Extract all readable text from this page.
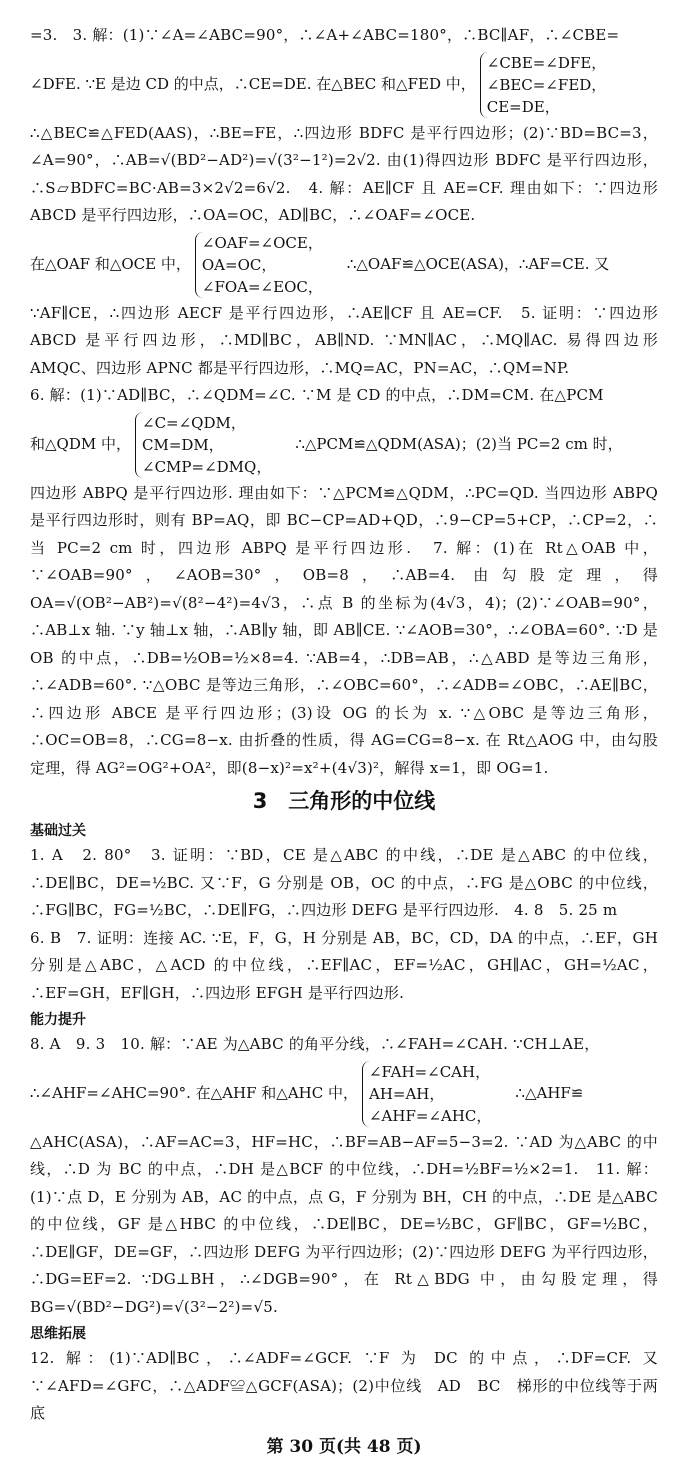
=3.　3. 解：(1)∵∠A=∠ABC=90°，∴∠A+∠ABC=180°，∴BC∥AF，∴∠CBE=

∠DFE. ∵E 是边 CD 的中点，∴CE=DE. 在△BEC 和△FED 中，
∠CBE=∠DFE，
∠BEC=∠FED，
CE=DE，

∴△BEC≌△FED(AAS)，∴BE=FE，∴四边形 BDFC 是平行四边形；(2)∵BD=BC=3，∠A=90°，∴AB=√(BD²−AD²)=√(3²−1²)=2√2. 由(1)得四边形 BDFC 是平行四边形，∴S▱BDFC=BC·AB=3×2√2=6√2.　4. 解：AE∥CF 且 AE=CF. 理由如下：∵四边形 ABCD 是平行四边形，∴OA=OC，AD∥BC，∴∠OAF=∠OCE.

在△OAF 和△OCE 中，
∠OAF=∠OCE，
OA=OC，
∠FOA=∠EOC，
∴△OAF≌△OCE(ASA)，∴AF=CE. 又

∵AF∥CE，∴四边形 AECF 是平行四边形，∴AE∥CF 且 AE=CF.　5. 证明：∵四边形 ABCD 是平行四边形，∴MD∥BC，AB∥ND. ∵MN∥AC，∴MQ∥AC. 易得四边形 AMQC、四边形 APNC 都是平行四边形，∴MQ=AC，PN=AC，∴QM=NP.

6. 解：(1)∵AD∥BC，∴∠QDM=∠C. ∵M 是 CD 的中点，∴DM=CM. 在△PCM

和△QDM 中，
∠C=∠QDM，
CM=DM，
∠CMP=∠DMQ，
∴△PCM≌△QDM(ASA)；(2)当 PC=2 cm 时，

四边形 ABPQ 是平行四边形. 理由如下：∵△PCM≌△QDM，∴PC=QD. 当四边形 ABPQ 是平行四边形时，则有 BP=AQ，即 BC−CP=AD+QD，∴9−CP=5+CP，∴CP=2，∴当 PC=2 cm 时，四边形 ABPQ 是平行四边形.　7. 解：(1)在 Rt△OAB 中，∵∠OAB=90°，∠AOB=30°，OB=8，∴AB=4. 由勾股定理，得 OA=√(OB²−AB²)=√(8²−4²)=4√3，∴点 B 的坐标为(4√3，4)；(2)∵∠OAB=90°，∴AB⊥x 轴. ∵y 轴⊥x 轴，∴AB∥y 轴，即 AB∥CE. ∵∠AOB=30°，∴∠OBA=60°. ∵D 是 OB 的中点，∴DB=½OB=½×8=4. ∵AB=4，∴DB=AB，∴△ABD 是等边三角形，∴∠ADB=60°. ∵△OBC 是等边三角形，∴∠OBC=60°，∴∠ADB=∠OBC，∴AE∥BC，∴四边形 ABCE 是平行四边形；(3)设 OG 的长为 x. ∵△OBC 是等边三角形，∴OC=OB=8，∴CG=8−x. 由折叠的性质，得 AG=CG=8−x. 在 Rt△AOG 中，由勾股定理，得 AG²=OG²+OA²，即(8−x)²=x²+(4√3)²，解得 x=1，即 OG=1.

3　三角形的中位线
基础过关

1. A　2. 80°　3. 证明：∵BD，CE 是△ABC 的中线，∴DE 是△ABC 的中位线，∴DE∥BC，DE=½BC. 又∵F，G 分别是 OB，OC 的中点，∴FG 是△OBC 的中位线，∴FG∥BC，FG=½BC，∴DE∥FG，∴四边形 DEFG 是平行四边形.　4. 8　5. 25 m

6. B　7. 证明：连接 AC. ∵E，F，G，H 分别是 AB，BC，CD，DA 的中点，∴EF，GH 分别是△ABC，△ACD 的中位线，∴EF∥AC，EF=½AC，GH∥AC，GH=½AC，∴EF=GH，EF∥GH，∴四边形 EFGH 是平行四边形.

能力提升

8. A　9. 3　10. 解：∵AE 为△ABC 的角平分线，∴∠FAH=∠CAH. ∵CH⊥AE，

∴∠AHF=∠AHC=90°. 在△AHF 和△AHC 中，
∠FAH=∠CAH，
AH=AH，
∠AHF=∠AHC，
∴△AHF≌

△AHC(ASA)，∴AF=AC=3，HF=HC，∴BF=AB−AF=5−3=2. ∵AD 为△ABC 的中线，∴D 为 BC 的中点，∴DH 是△BCF 的中位线，∴DH=½BF=½×2=1.　11. 解：(1)∵点 D，E 分别为 AB，AC 的中点，点 G，F 分别为 BH，CH 的中点，∴DE 是△ABC 的中位线，GF 是△HBC 的中位线，∴DE∥BC，DE=½BC，GF∥BC，GF=½BC，∴DE∥GF，DE=GF，∴四边形 DEFG 为平行四边形；(2)∵四边形 DEFG 为平行四边形，∴DG=EF=2. ∵DG⊥BH，∴∠DGB=90°，在 Rt△BDG 中，由勾股定理，得 BG=√(BD²−DG²)=√(3²−2²)=√5.

思维拓展

12. 解：(1)∵AD∥BC，∴∠ADF=∠GCF. ∵F 为 DC 的中点，∴DF=CF. 又∵∠AFD=∠GFC，∴△ADF≌△GCF(ASA)；(2)中位线　AD　BC　梯形的中位线等于两底

第 30 页(共 48 页)
